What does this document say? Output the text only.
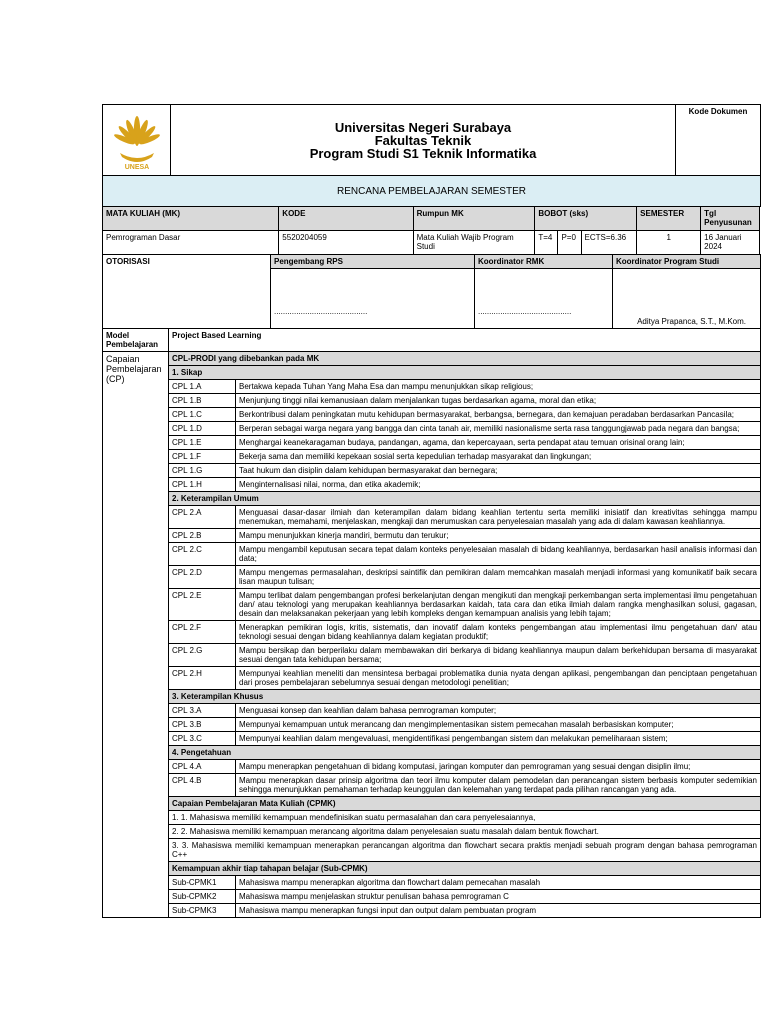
UNESA

Universitas Negeri Surabaya
Fakultas Teknik
Program Studi S1 Teknik Informatika
	Kode Dokumen
RENCANA PEMBELAJARAN SEMESTER
MATA KULIAH (MK)	KODE	Rumpun MK	BOBOT (sks)			SEMESTER	Tgl Penyusunan
Pemrograman Dasar	5520204059	Mata Kuliah Wajib Program Studi	T=4	P=0	ECTS=6.36	1	16 Januari 2024
OTORISASI	Pengembang RPS	Koordinator RMK	Koordinator Program Studi
	..........................................	..........................................	Aditya Prapanca, S.T., M.Kom.
Model Pembelajaran	Project Based Learning	
Capaian Pembelajaran (CP)	CPL-PRODI yang dibebankan pada MK	
	1. Sikap	
	CPL 1.A	Bertakwa kepada Tuhan Yang Maha Esa dan mampu menunjukkan sikap religious;
	CPL 1.B	Menjunjung tinggi nilai kemanusiaan dalam menjalankan tugas berdasarkan agama, moral dan etika;
	CPL 1.C	Berkontribusi dalam peningkatan mutu kehidupan bermasyarakat, berbangsa, bernegara, dan kemajuan peradaban berdasarkan Pancasila;
	CPL 1.D	Berperan sebagai warga negara yang bangga dan cinta tanah air, memiliki nasionalisme serta rasa tanggungjawab pada negara dan bangsa;
	CPL 1.E	Menghargai keanekaragaman budaya, pandangan, agama, dan kepercayaan, serta pendapat atau temuan orisinal orang lain;
	CPL 1.F	Bekerja sama dan memiliki kepekaan sosial serta kepedulian terhadap masyarakat dan lingkungan;
	CPL 1.G	Taat hukum dan disiplin dalam kehidupan bermasyarakat dan bernegara;
	CPL 1.H	Menginternalisasi nilai, norma, dan etika akademik;
	2. Keterampilan Umum	
	CPL 2.A	Menguasai dasar-dasar ilmiah dan keterampilan dalam bidang keahlian tertentu serta memiliki inisiatif dan kreativitas sehingga mampu menemukan, memahami, menjelaskan, mengkaji dan merumuskan cara penyelesaian masalah yang ada di dalam kawasan keahliannya.
	CPL 2.B	Mampu menunjukkan kinerja mandiri, bermutu dan terukur;
	CPL 2.C	Mampu mengambil keputusan secara tepat dalam konteks penyelesaian masalah di bidang keahliannya, berdasarkan hasil analisis informasi dan data;
	CPL 2.D	Mampu mengemas permasalahan, deskripsi saintifik dan pemikiran dalam memcahkan masalah menjadi informasi yang komunikatif baik secara lisan maupun tulisan;
	CPL 2.E	Mampu terlibat dalam pengembangan profesi berkelanjutan dengan mengikuti dan mengkaji perkembangan serta implementasi ilmu pengetahuan dan/ atau teknologi yang merupakan keahliannya berdasarkan kaidah, tata cara dan etika ilmiah dalam rangka menghasilkan solusi, gagasan, desain dan melaksanakan pekerjaan yang lebih kompleks dengan kemampuan analisis yang lebih tajam;
	CPL 2.F	Menerapkan pemikiran logis, kritis, sistematis, dan inovatif dalam konteks pengembangan atau implementasi ilmu pengetahuan dan/ atau teknologi sesuai dengan bidang keahliannya dalam kegiatan produktif;
	CPL 2.G	Mampu bersikap dan berperilaku dalam membawakan diri berkarya di bidang keahliannya maupun dalam berkehidupan bersama di masyarakat sesuai dengan tata kehidupan bersama;
	CPL 2.H	Mempunyai keahlian meneliti dan mensintesa berbagai problematika dunia nyata dengan aplikasi, pengembangan dan penciptaan pengetahuan dari proses pembelajaran sebelumnya sesuai dengan metodologi penelitian;
	3. Keterampilan Khusus	
	CPL 3.A	Menguasai konsep dan keahlian dalam bahasa pemrograman komputer;
	CPL 3.B	Mempunyai kemampuan untuk merancang dan mengimplementasikan sistem pemecahan masalah berbasiskan komputer;
	CPL 3.C	Mempunyai keahlian dalam mengevaluasi, mengidentifikasi pengembangan sistem dan melakukan pemeliharaan sistem;
	4. Pengetahuan	
	CPL 4.A	Mampu menerapkan pengetahuan di bidang komputasi, jaringan komputer dan pemrograman yang sesuai dengan disiplin ilmu;
	CPL 4.B	Mampu menerapkan dasar prinsip algoritma dan teori ilmu komputer dalam pemodelan dan perancangan sistem berbasis komputer sedemikian sehingga menunjukkan pemahaman terhadap keunggulan dan kelemahan yang terdapat pada pilihan rancangan yang ada.
	Capaian Pembelajaran Mata Kuliah (CPMK)	
	1. 1. Mahasiswa memiliki kemampuan mendefinisikan suatu permasalahan dan cara penyelesaiannya,	
	2. 2. Mahasiswa memiliki kemampuan merancang algoritma dalam penyelesaian suatu masalah dalam bentuk flowchart.	
	3. 3. Mahasiswa memiliki kemampuan menerapkan perancangan algoritma dan flowchart secara praktis menjadi sebuah program dengan bahasa pemrograman C++	
	Kemampuan akhir tiap tahapan belajar (Sub-CPMK)	
	Sub-CPMK1	Mahasiswa mampu menerapkan algoritma dan flowchart dalam pemecahan masalah
	Sub-CPMK2	Mahasiswa mampu menjelaskan struktur penulisan bahasa pemrograman C
	Sub-CPMK3	Mahasiswa mampu menerapkan fungsi input dan output dalam pembuatan program
